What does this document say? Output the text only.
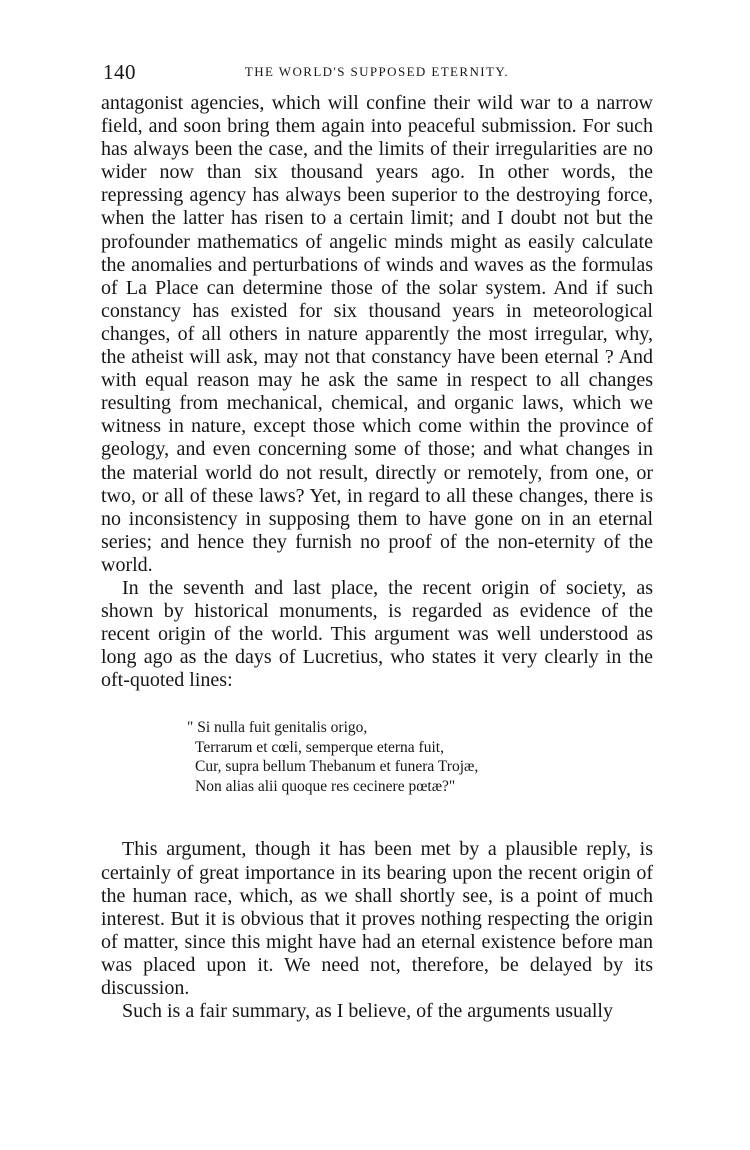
140	THE WORLD'S SUPPOSED ETERNITY.

antagonist agencies, which will confine their wild war to a narrow field, and soon bring them again into peaceful submission. For such has always been the case, and the limits of their irregularities are no wider now than six thousand years ago. In other words, the repressing agency has always been superior to the destroying force, when the latter has risen to a certain limit; and I doubt not but the profounder mathematics of angelic minds might as easily calculate the anomalies and perturbations of winds and waves as the formulas of La Place can determine those of the solar system. And if such constancy has existed for six thousand years in meteorological changes, of all others in nature apparently the most irregular, why, the atheist will ask, may not that constancy have been eternal ? And with equal reason may he ask the same in respect to all changes resulting from mechanical, chemical, and organic laws, which we witness in nature, except those which come within the province of geology, and even concerning some of those; and what changes in the material world do not result, directly or remotely, from one, or two, or all of these laws? Yet, in regard to all these changes, there is no inconsistency in supposing them to have gone on in an eternal series; and hence they furnish no proof of the non-eternity of the world.

In the seventh and last place, the recent origin of society, as shown by historical monuments, is regarded as evidence of the recent origin of the world. This argument was well understood as long ago as the days of Lucretius, who states it very clearly in the oft-quoted lines:

" Si nulla fuit genitalis origo,
Terrarum et cœli, semperque eterna fuit,
Cur, supra bellum Thebanum et funera Trojæ,
Non alias alii quoque res cecinere pœtæ?"

This argument, though it has been met by a plausible reply, is certainly of great importance in its bearing upon the recent origin of the human race, which, as we shall shortly see, is a point of much interest. But it is obvious that it proves nothing respecting the origin of matter, since this might have had an eternal existence before man was placed upon it. We need not, therefore, be delayed by its discussion.

Such is a fair summary, as I believe, of the arguments usually
